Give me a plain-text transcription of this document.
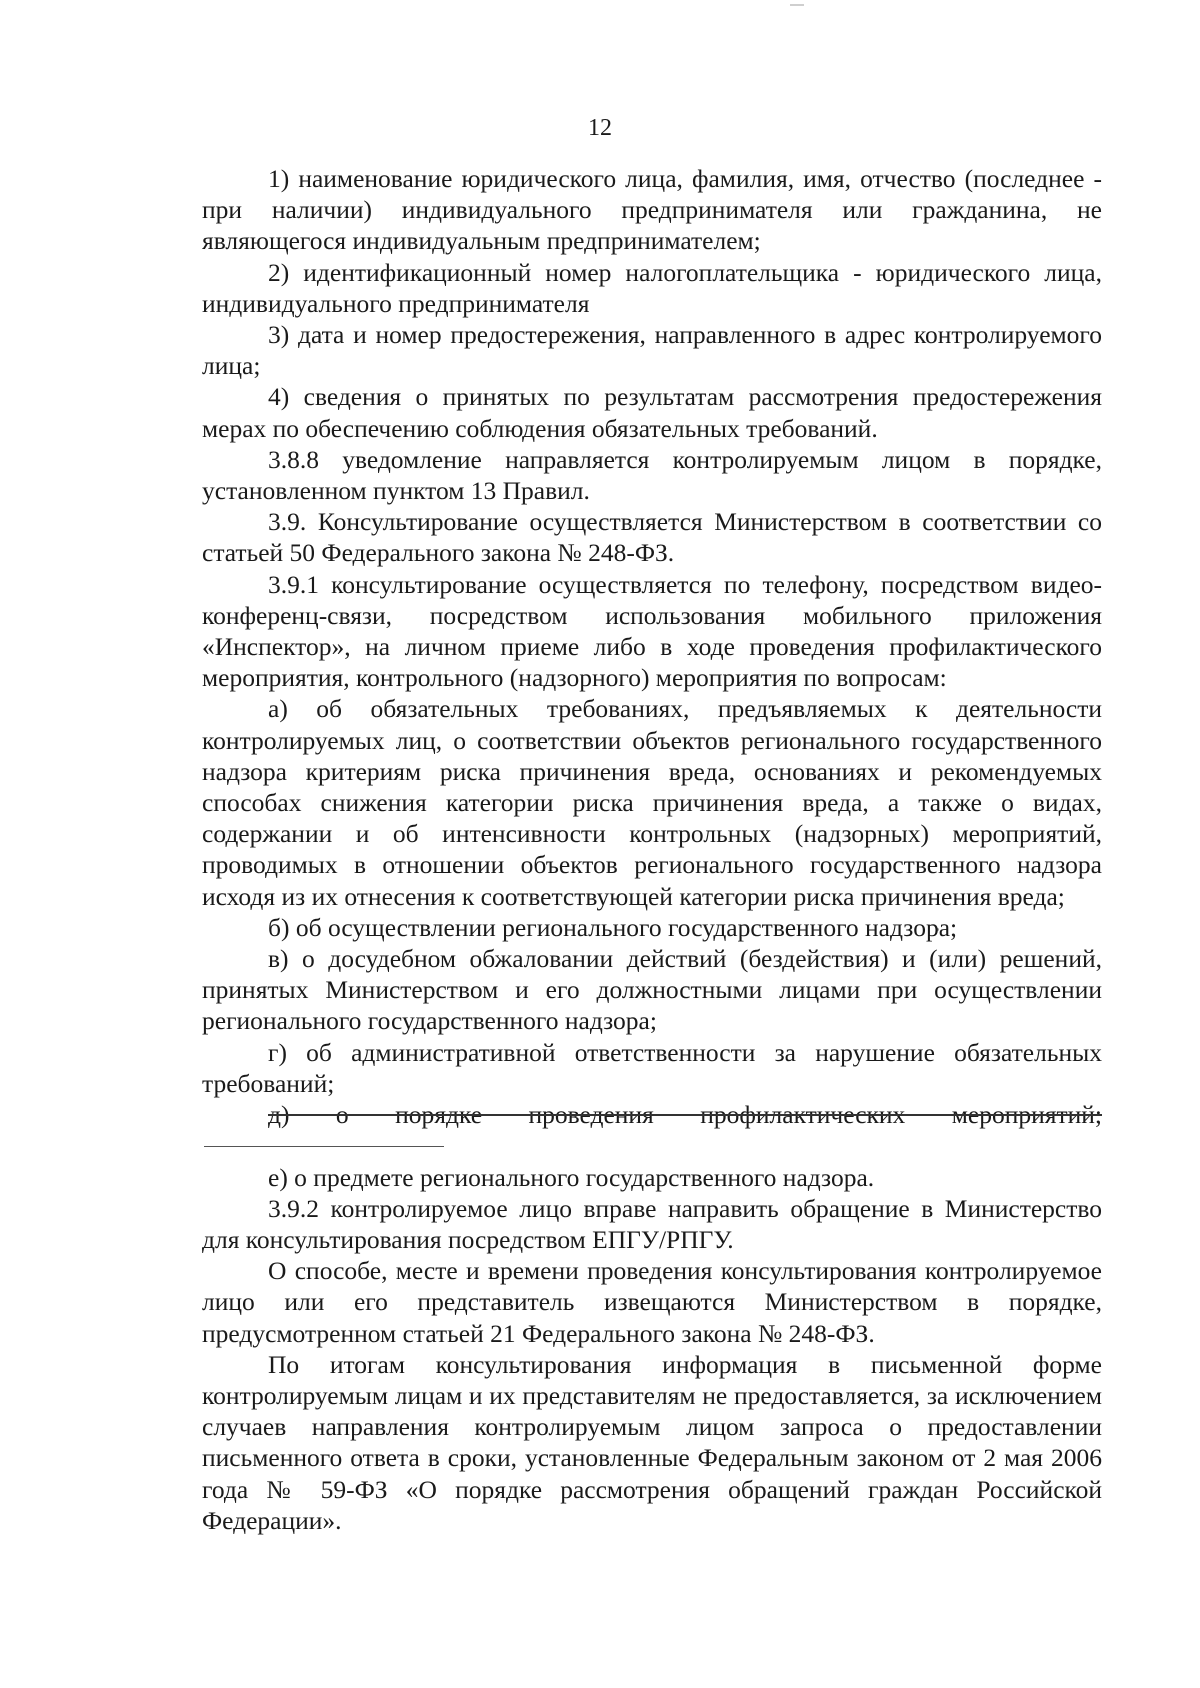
12

1) наименование юридического лица, фамилия, имя, отчество (последнее - при наличии) индивидуального предпринимателя или гражданина, не являющегося индивидуальным предпринимателем;

2) идентификационный номер налогоплательщика - юридического лица, индивидуального предпринимателя

3) дата и номер предостережения, направленного в адрес контролируемого лица;

4) сведения о принятых по результатам рассмотрения предостережения мерах по обеспечению соблюдения обязательных требований.

3.8.8 уведомление направляется контролируемым лицом в порядке, установленном пунктом 13 Правил.

3.9. Консультирование осуществляется Министерством в соответствии со статьей 50 Федерального закона № 248-ФЗ.

3.9.1 консультирование осуществляется по телефону, посредством видео-конференц-связи, посредством использования мобильного приложения «Инспектор», на личном приеме либо в ходе проведения профилактического мероприятия, контрольного (надзорного) мероприятия по вопросам:

а) об обязательных требованиях, предъявляемых к деятельности контролируемых лиц, о соответствии объектов регионального государственного надзора критериям риска причинения вреда, основаниях и рекомендуемых способах снижения категории риска причинения вреда, а также о видах, содержании и об интенсивности контрольных (надзорных) мероприятий, проводимых в отношении объектов регионального государственного надзора исходя из их отнесения к соответствующей категории риска причинения вреда;

б) об осуществлении регионального государственного надзора;

в) о досудебном обжаловании действий (бездействия) и (или) решений, принятых Министерством и его должностными лицами при осуществлении регионального государственного надзора;

г) об административной ответственности за нарушение обязательных требований;

д) о порядке проведения профилактических мероприятий;

е) о предмете регионального государственного надзора.

3.9.2 контролируемое лицо вправе направить обращение в Министерство для консультирования посредством ЕПГУ/РПГУ.

О способе, месте и времени проведения консультирования контролируемое лицо или его представитель извещаются Министерством в порядке, предусмотренном статьей 21 Федерального закона № 248-ФЗ.

По итогам консультирования информация в письменной форме контролируемым лицам и их представителям не предоставляется, за исключением случаев направления контролируемым лицом запроса о предоставлении письменного ответа в сроки, установленные Федеральным законом от 2 мая 2006 года № 59-ФЗ «О порядке рассмотрения обращений граждан Российской Федерации».
